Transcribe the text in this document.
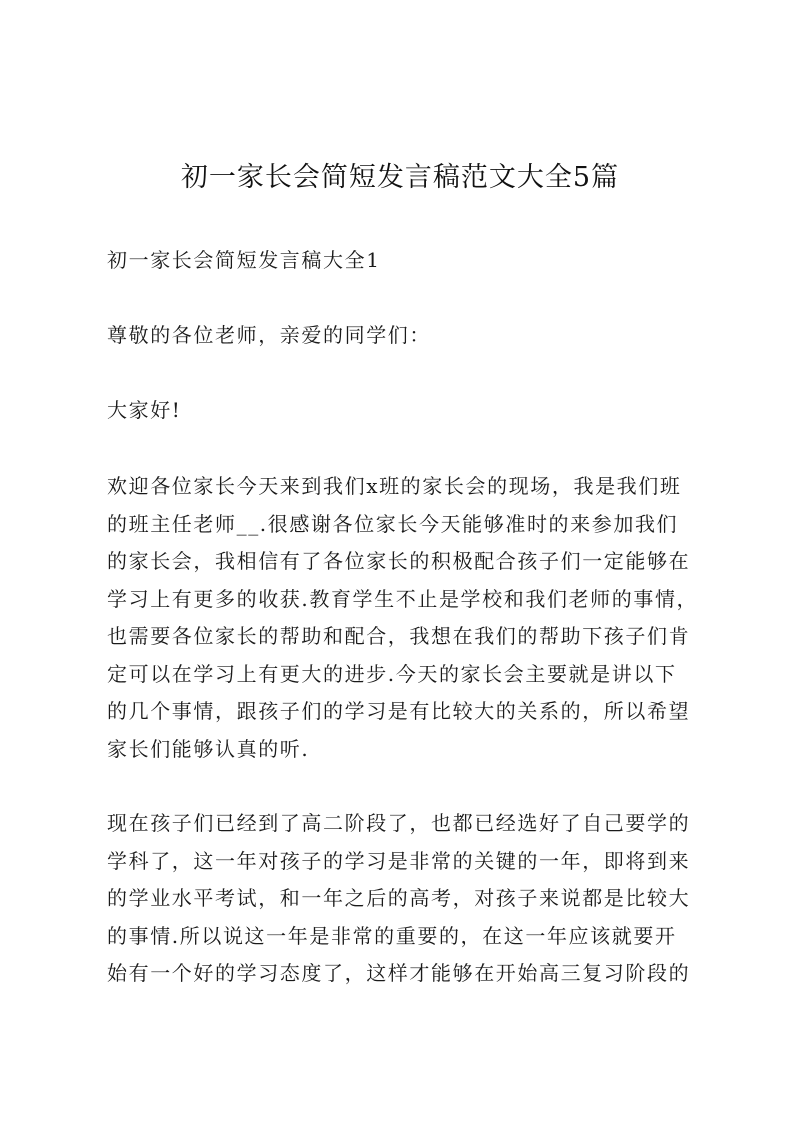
初一家长会简短发言稿范文大全5篇

初一家长会简短发言稿大全1

尊敬的各位老师，亲爱的同学们：

大家好!

欢迎各位家长今天来到我们x班的家长会的现场，我是我们班
的班主任老师__.很感谢各位家长今天能够准时的来参加我们
的家长会，我相信有了各位家长的积极配合孩子们一定能够在
学习上有更多的收获.教育学生不止是学校和我们老师的事情，
也需要各位家长的帮助和配合，我想在我们的帮助下孩子们肯
定可以在学习上有更大的进步.今天的家长会主要就是讲以下
的几个事情，跟孩子们的学习是有比较大的关系的，所以希望
家长们能够认真的听.
现在孩子们已经到了高二阶段了，也都已经选好了自己要学的
学科了，这一年对孩子的学习是非常的关键的一年，即将到来
的学业水平考试，和一年之后的高考，对孩子来说都是比较大
的事情.所以说这一年是非常的重要的，在这一年应该就要开
始有一个好的学习态度了，这样才能够在开始高三复习阶段的
